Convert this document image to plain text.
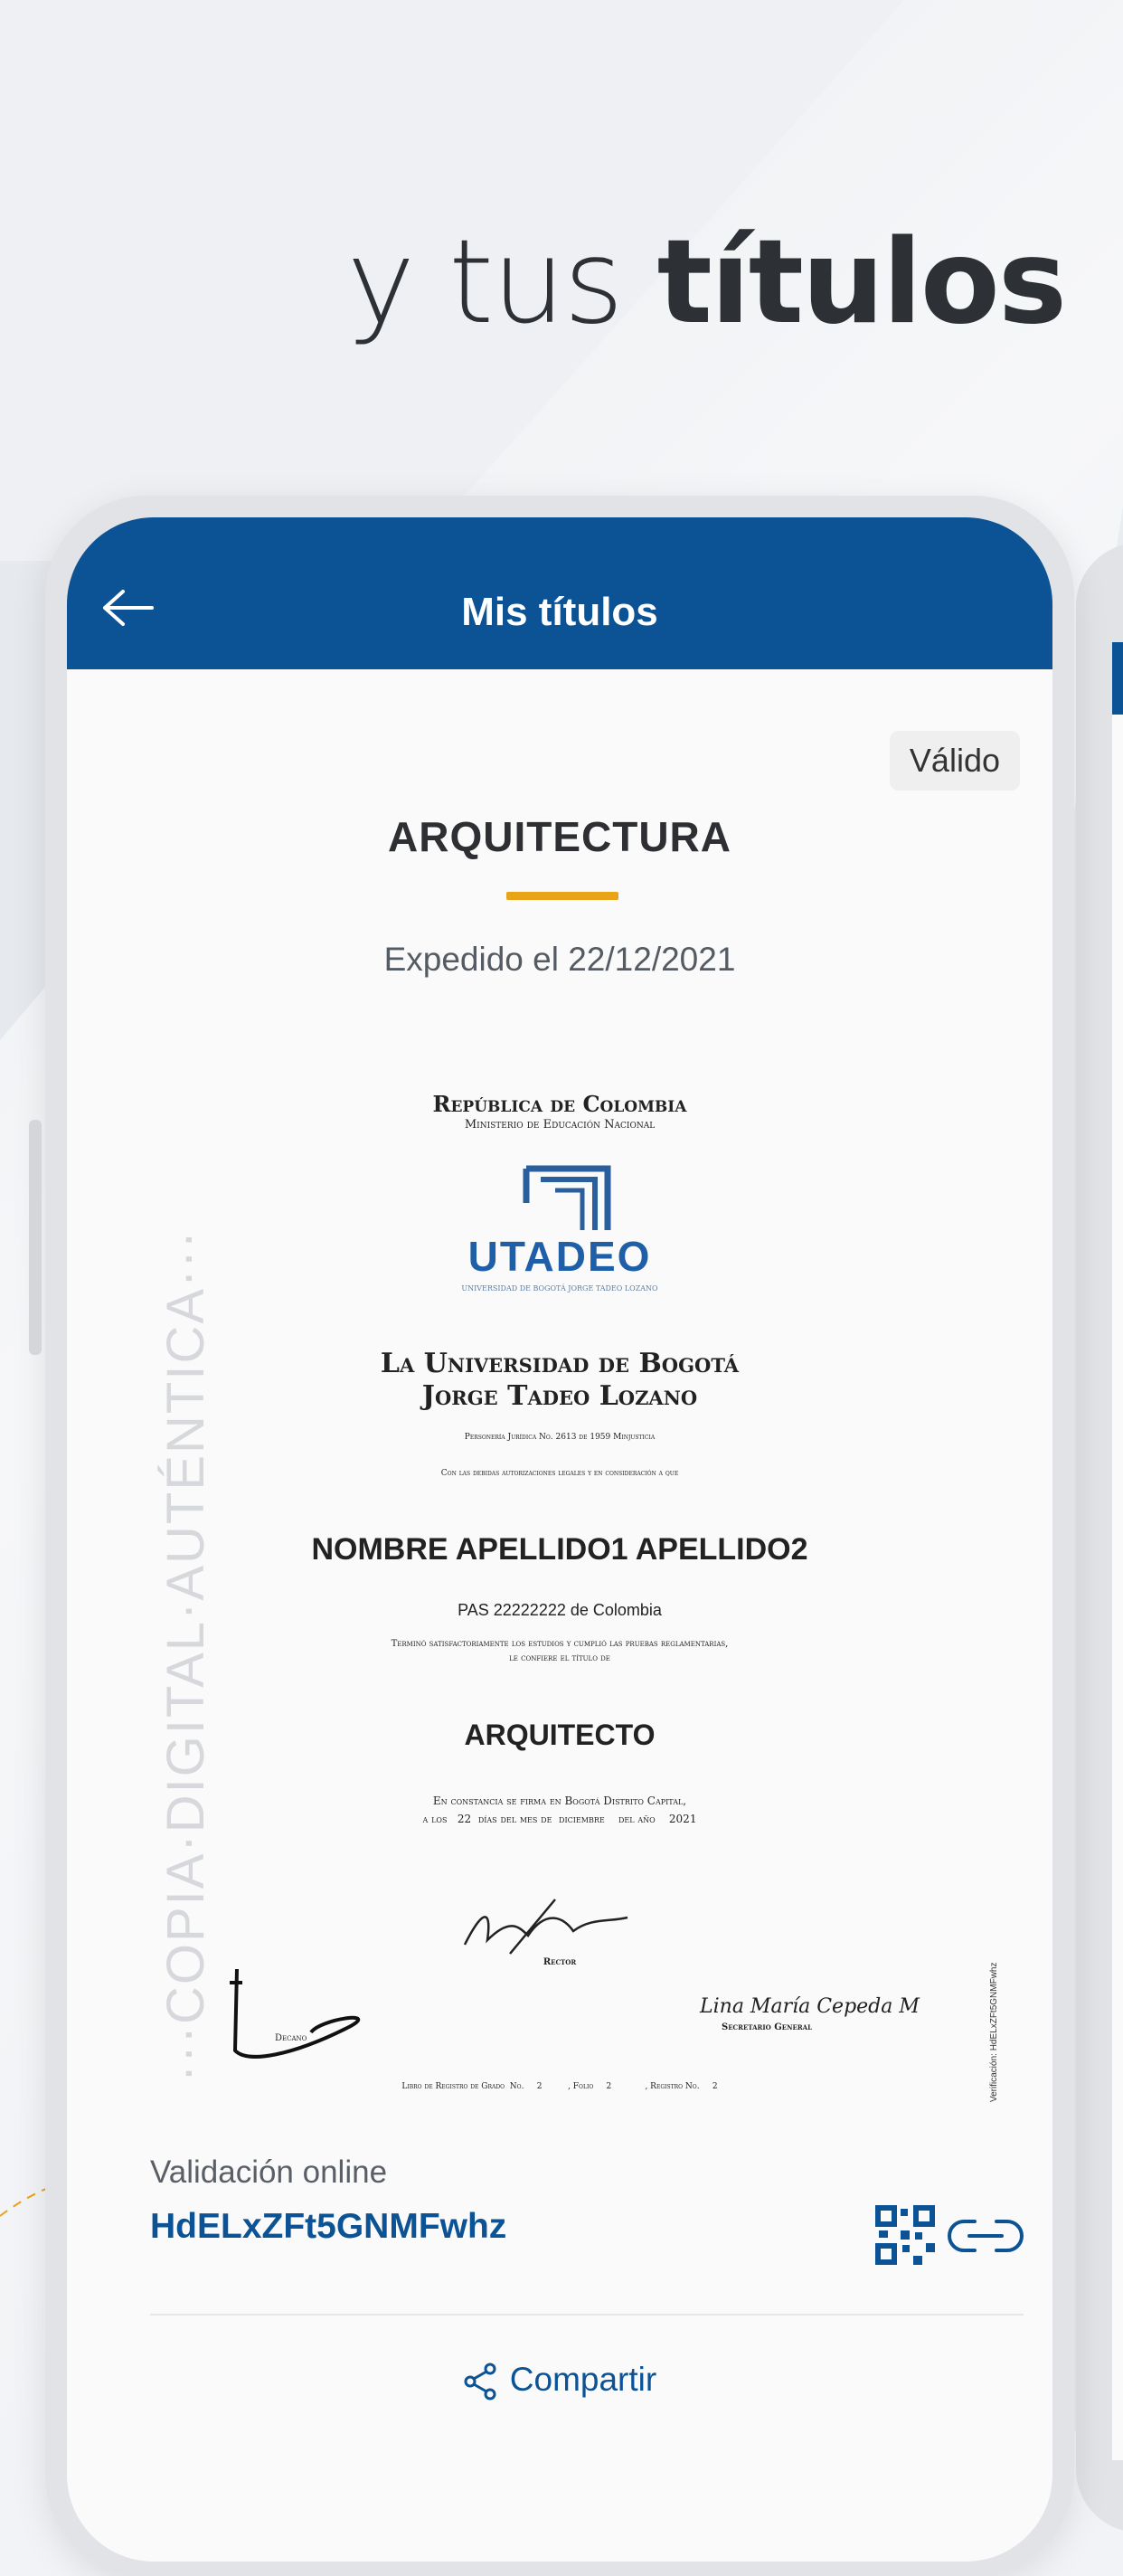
y tus títulos
Mis títulos
Válido
ARQUITECTURA
Expedido el 22/12/2021
···COPIA·DIGITAL·AUTÉNTICA···
República de Colombia
Ministerio de Educación Nacional
UTADEO
UNIVERSIDAD DE BOGOTÁ JORGE TADEO LOZANO
La Universidad de Bogotá
Jorge Tadeo Lozano
Personería Jurídica No. 2613 de 1959 Minjusticia
Con las debidas autorizaciones legales y en consideración a que
NOMBRE APELLIDO1 APELLIDO2
PAS 22222222 de Colombia
Terminó satisfactoriamente los estudios y cumplió las pruebas reglamentarias,
le confiere el título de
ARQUITECTO
En constancia se firma en Bogotá Distrito Capital,
a los   22  días del mes de  diciembre    del año    2021
Rector
Decano
Lina María Cepeda M
Secretario General
Libro de Registro de Grado  No.     2          , Folio     2             , Registro No.     2	Verificación: HdELxZFt5GNMFwhz
Validación online
HdELxZFt5GNMFwhz
Compartir
